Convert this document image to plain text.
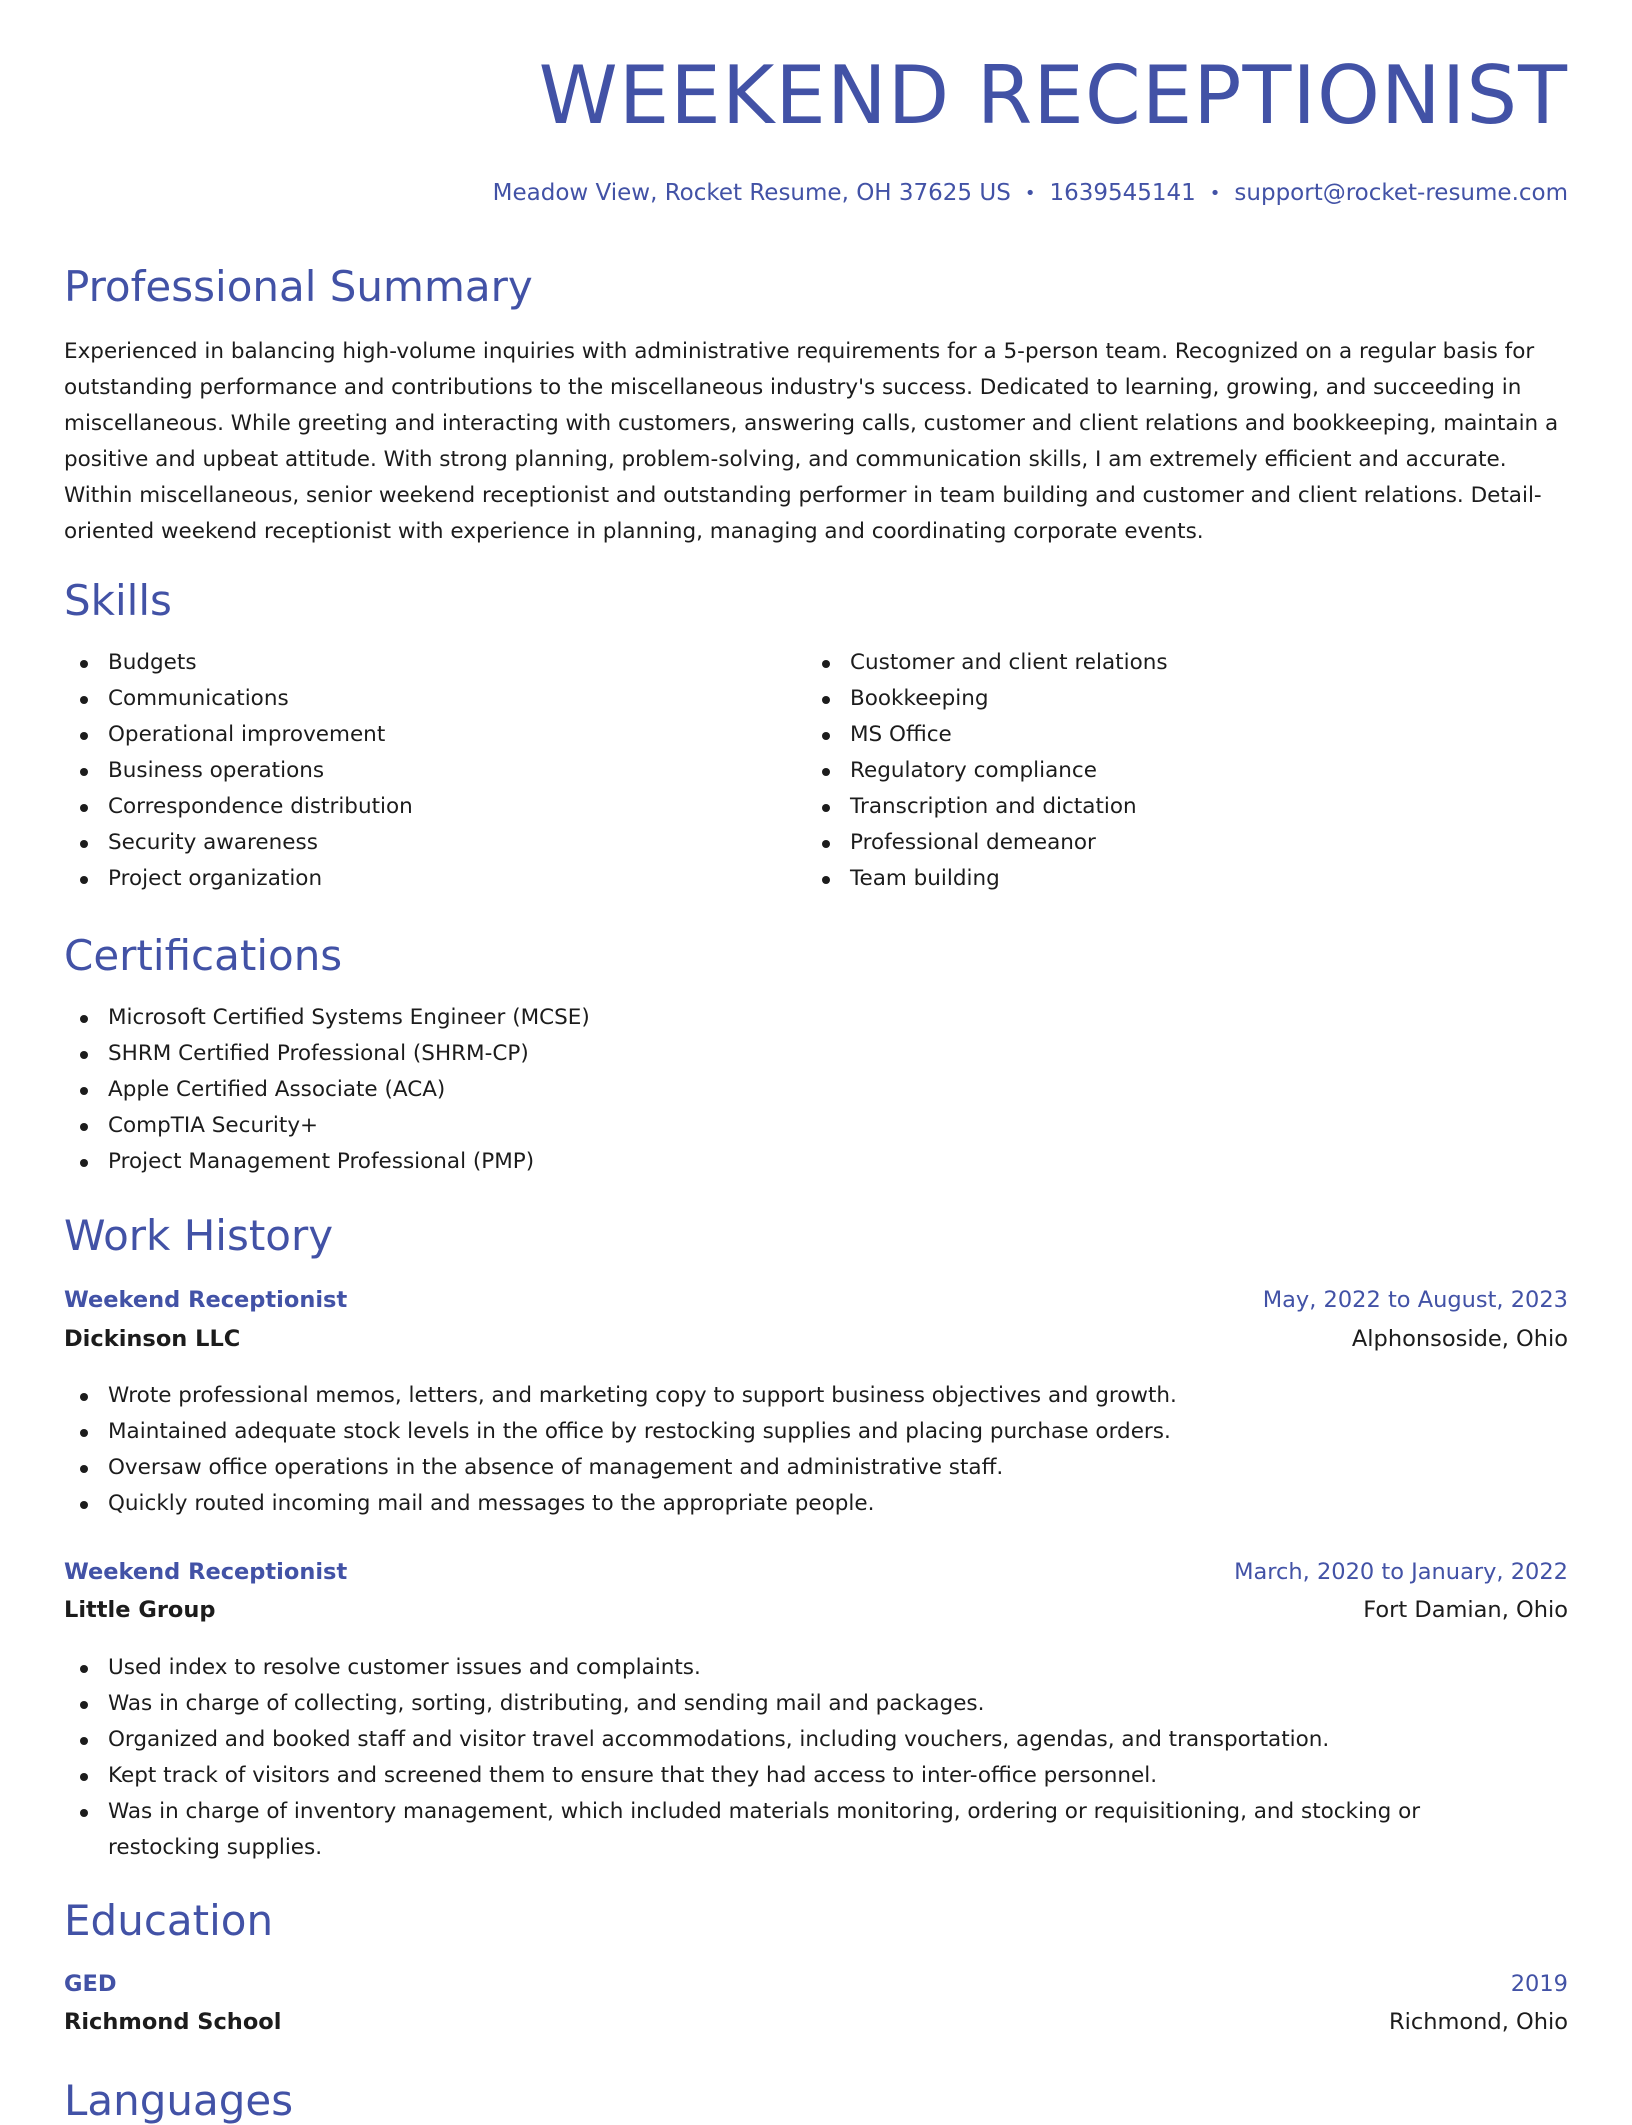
WEEKEND RECEPTIONIST
Meadow View, Rocket Resume, OH 37625 US • 1639545141 • support@rocket-resume.com
Professional Summary

Experienced in balancing high-volume inquiries with administrative requirements for a 5-person team. Recognized on a regular basis for outstanding performance and contributions to the miscellaneous industry's success. Dedicated to learning, growing, and succeeding in miscellaneous. While greeting and interacting with customers, answering calls, customer and client relations and bookkeeping, maintain a positive and upbeat attitude. With strong planning, problem-solving, and communication skills, I am extremely efficient and accurate. Within miscellaneous, senior weekend receptionist and outstanding performer in team building and customer and client relations. Detail-oriented weekend receptionist with experience in planning, managing and coordinating corporate events.

Skills
Budgets
Communications
Operational improvement
Business operations
Correspondence distribution
Security awareness
Project organization
Customer and client relations
Bookkeeping
MS Office
Regulatory compliance
Transcription and dictation
Professional demeanor
Team building
Certifications
Microsoft Certified Systems Engineer (MCSE)
SHRM Certified Professional (SHRM-CP)
Apple Certified Associate (ACA)
CompTIA Security+
Project Management Professional (PMP)
Work History
Weekend Receptionist	May, 2022 to August, 2023
Dickinson LLC	Alphonsoside, Ohio
Wrote professional memos, letters, and marketing copy to support business objectives and growth.
Maintained adequate stock levels in the office by restocking supplies and placing purchase orders.
Oversaw office operations in the absence of management and administrative staff.
Quickly routed incoming mail and messages to the appropriate people.
Weekend Receptionist	March, 2020 to January, 2022
Little Group	Fort Damian, Ohio
Used index to resolve customer issues and complaints.
Was in charge of collecting, sorting, distributing, and sending mail and packages.
Organized and booked staff and visitor travel accommodations, including vouchers, agendas, and transportation.
Kept track of visitors and screened them to ensure that they had access to inter-office personnel.
Was in charge of inventory management, which included materials monitoring, ordering or requisitioning, and stocking or restocking supplies.
Education
GED	2019
Richmond School	Richmond, Ohio
Languages
